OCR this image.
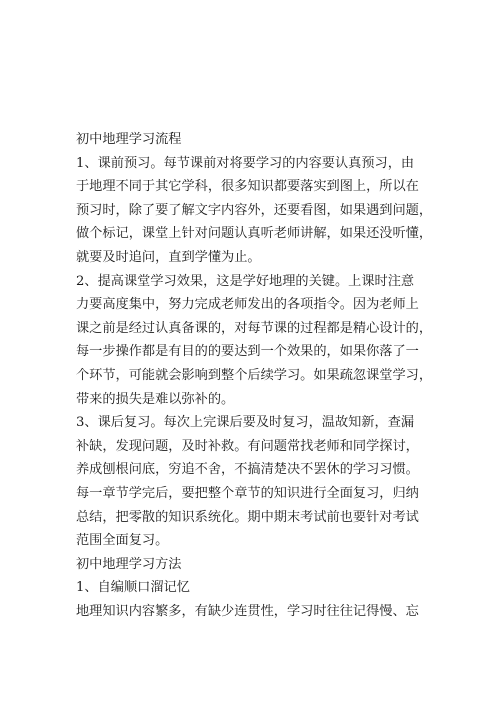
初中地理学习流程
1、课前预习。每节课前对将要学习的内容要认真预习，由
于地理不同于其它学科，很多知识都要落实到图上，所以在
预习时，除了要了解文字内容外，还要看图，如果遇到问题，
做个标记，课堂上针对问题认真听老师讲解，如果还没听懂，
就要及时追问，直到学懂为止。
2、提高课堂学习效果，这是学好地理的关键。上课时注意
力要高度集中，努力完成老师发出的各项指令。因为老师上
课之前是经过认真备课的，对每节课的过程都是精心设计的，
每一步操作都是有目的的要达到一个效果的，如果你落了一
个环节，可能就会影响到整个后续学习。如果疏忽课堂学习，
带来的损失是难以弥补的。
3、课后复习。每次上完课后要及时复习，温故知新，查漏
补缺，发现问题，及时补救。有问题常找老师和同学探讨，
养成刨根问底，穷追不舍，不搞清楚决不罢休的学习习惯。
每一章节学完后，要把整个章节的知识进行全面复习，归纳
总结，把零散的知识系统化。期中期末考试前也要针对考试
范围全面复习。
初中地理学习方法
1、自编顺口溜记忆
地理知识内容繁多，有缺少连贯性，学习时往往记得慢、忘
